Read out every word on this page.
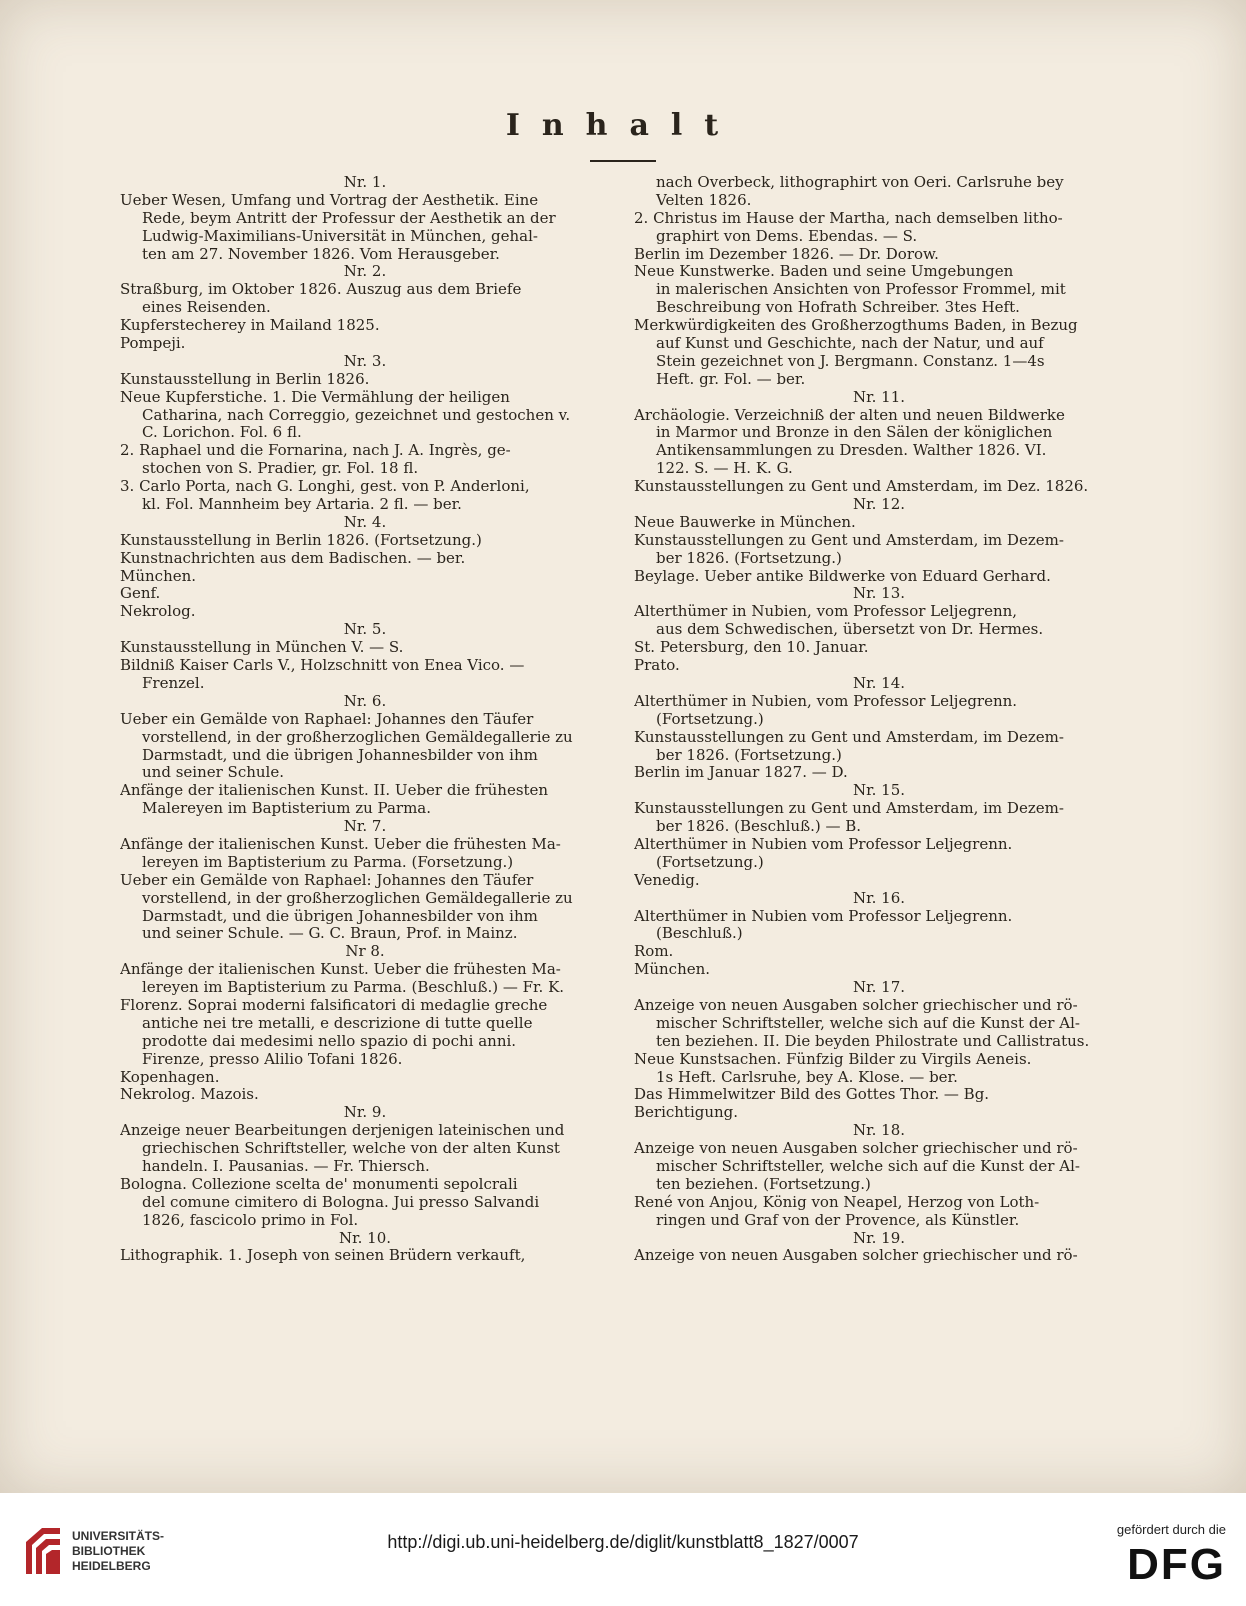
Inhalt
Nr. 1.
Ueber Wesen, Umfang und Vortrag der Aesthetik. Eine
Rede, beym Antritt der Professur der Aesthetik an der
Ludwig-Maximilians-Universität in München, gehal-
ten am 27. November 1826. Vom Herausgeber.
Nr. 2.
Straßburg, im Oktober 1826. Auszug aus dem Briefe
eines Reisenden.
Kupferstecherey in Mailand 1825.
Pompeji.
Nr. 3.
Kunstausstellung in Berlin 1826.
Neue Kupferstiche. 1. Die Vermählung der heiligen
Catharina, nach Correggio, gezeichnet und gestochen v.
C. Lorichon. Fol. 6 fl.
2. Raphael und die Fornarina, nach J. A. Ingrès, ge-
stochen von S. Pradier, gr. Fol. 18 fl.
3. Carlo Porta, nach G. Longhi, gest. von P. Anderloni,
kl. Fol. Mannheim bey Artaria. 2 fl. — ber.
Nr. 4.
Kunstausstellung in Berlin 1826. (Fortsetzung.)
Kunstnachrichten aus dem Badischen. — ber.
München.
Genf.
Nekrolog.
Nr. 5.
Kunstausstellung in München V. — S.
Bildniß Kaiser Carls V., Holzschnitt von Enea Vico. —
Frenzel.
Nr. 6.
Ueber ein Gemälde von Raphael: Johannes den Täufer
vorstellend, in der großherzoglichen Gemäldegallerie zu
Darmstadt, und die übrigen Johannesbilder von ihm
und seiner Schule.
Anfänge der italienischen Kunst. II. Ueber die frühesten
Malereyen im Baptisterium zu Parma.
Nr. 7.
Anfänge der italienischen Kunst. Ueber die frühesten Ma-
lereyen im Baptisterium zu Parma. (Forsetzung.)
Ueber ein Gemälde von Raphael: Johannes den Täufer
vorstellend, in der großherzoglichen Gemäldegallerie zu
Darmstadt, und die übrigen Johannesbilder von ihm
und seiner Schule. — G. C. Braun, Prof. in Mainz.
Nr 8.
Anfänge der italienischen Kunst. Ueber die frühesten Ma-
lereyen im Baptisterium zu Parma. (Beschluß.) — Fr. K.
Florenz. Soprai moderni falsificatori di medaglie greche
antiche nei tre metalli, e descrizione di tutte quelle
prodotte dai medesimi nello spazio di pochi anni.
Firenze, presso Alilio Tofani 1826.
Kopenhagen.
Nekrolog. Mazois.
Nr. 9.
Anzeige neuer Bearbeitungen derjenigen lateinischen und
griechischen Schriftsteller, welche von der alten Kunst
handeln. I. Pausanias. — Fr. Thiersch.
Bologna. Collezione scelta de' monumenti sepolcrali
del comune cimitero di Bologna. Jui presso Salvandi
1826, fascicolo primo in Fol.
Nr. 10.
Lithographik. 1. Joseph von seinen Brüdern verkauft,
nach Overbeck, lithographirt von Oeri. Carlsruhe bey
Velten 1826.
2. Christus im Hause der Martha, nach demselben litho-
graphirt von Dems. Ebendas. — S.
Berlin im Dezember 1826. — Dr. Dorow.
Neue Kunstwerke. Baden und seine Umgebungen
in malerischen Ansichten von Professor Frommel, mit
Beschreibung von Hofrath Schreiber. 3tes Heft.
Merkwürdigkeiten des Großherzogthums Baden, in Bezug
auf Kunst und Geschichte, nach der Natur, und auf
Stein gezeichnet von J. Bergmann. Constanz. 1—4s
Heft. gr. Fol. — ber.
Nr. 11.
Archäologie. Verzeichniß der alten und neuen Bildwerke
in Marmor und Bronze in den Sälen der königlichen
Antikensammlungen zu Dresden. Walther 1826. VI.
122. S. — H. K. G.
Kunstausstellungen zu Gent und Amsterdam, im Dez. 1826.
Nr. 12.
Neue Bauwerke in München.
Kunstausstellungen zu Gent und Amsterdam, im Dezem-
ber 1826. (Fortsetzung.)
Beylage. Ueber antike Bildwerke von Eduard Gerhard.
Nr. 13.
Alterthümer in Nubien, vom Professor Leljegrenn,
aus dem Schwedischen, übersetzt von Dr. Hermes.
St. Petersburg, den 10. Januar.
Prato.
Nr. 14.
Alterthümer in Nubien, vom Professor Leljegrenn.
(Fortsetzung.)
Kunstausstellungen zu Gent und Amsterdam, im Dezem-
ber 1826. (Fortsetzung.)
Berlin im Januar 1827. — D.
Nr. 15.
Kunstausstellungen zu Gent und Amsterdam, im Dezem-
ber 1826. (Beschluß.) — B.
Alterthümer in Nubien vom Professor Leljegrenn.
(Fortsetzung.)
Venedig.
Nr. 16.
Alterthümer in Nubien vom Professor Leljegrenn.
(Beschluß.)
Rom.
München.
Nr. 17.
Anzeige von neuen Ausgaben solcher griechischer und rö-
mischer Schriftsteller, welche sich auf die Kunst der Al-
ten beziehen. II. Die beyden Philostrate und Callistratus.
Neue Kunstsachen. Fünfzig Bilder zu Virgils Aeneis.
1s Heft. Carlsruhe, bey A. Klose. — ber.
Das Himmelwitzer Bild des Gottes Thor. — Bg.
Berichtigung.
Nr. 18.
Anzeige von neuen Ausgaben solcher griechischer und rö-
mischer Schriftsteller, welche sich auf die Kunst der Al-
ten beziehen. (Fortsetzung.)
René von Anjou, König von Neapel, Herzog von Loth-
ringen und Graf von der Provence, als Künstler.
Nr. 19.
Anzeige von neuen Ausgaben solcher griechischer und rö-
UNIVERSITÄTS-
BIBLIOTHEK
HEIDELBERG
http://digi.ub.uni-heidelberg.de/diglit/kunstblatt8_1827/0007
gefördert durch die
DFG
